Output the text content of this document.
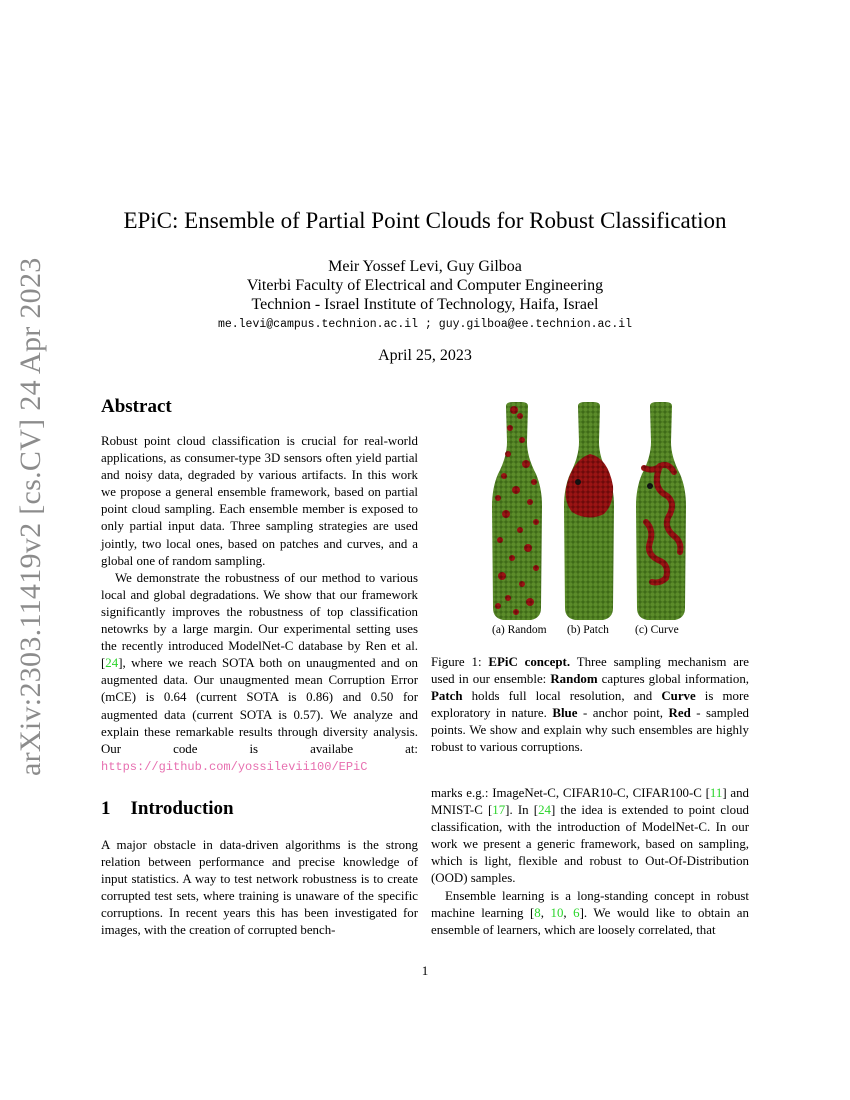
arXiv:2303.11419v2 [cs.CV] 24 Apr 2023
EPiC: Ensemble of Partial Point Clouds for Robust Classification
Meir Yossef Levi, Guy Gilboa
Viterbi Faculty of Electrical and Computer Engineering
Technion - Israel Institute of Technology, Haifa, Israel
me.levi@campus.technion.ac.il ; guy.gilboa@ee.technion.ac.il
April 25, 2023
Abstract

Robust point cloud classification is crucial for real-world applications, as consumer-type 3D sensors often yield partial and noisy data, degraded by various artifacts. In this work we propose a general ensemble framework, based on partial point cloud sampling. Each ensemble member is exposed to only partial input data. Three sampling strategies are used jointly, two local ones, based on patches and curves, and a global one of random sampling.

We demonstrate the robustness of our method to various local and global degradations. We show that our framework significantly improves the robustness of top classification netowrks by a large margin. Our experimental setting uses the recently introduced ModelNet-C database by Ren et al.[24], where we reach SOTA both on unaugmented and on augmented data. Our unaugmented mean Corruption Error (mCE) is 0.64 (current SOTA is 0.86) and 0.50 for augmented data (current SOTA is 0.57). We analyze and explain these remarkable results through diversity analysis. Our code is availabe at: https://github.com/yossilevii100/EPiC

(a) Random (b) Patch (c) Curve
Figure 1: EPiC concept. Three sampling mechanism are used in our ensemble: Random captures global information, Patch holds full local resolution, and Curve is more exploratory in nature. Blue - anchor point, Red - sampled points. We show and explain why such ensembles are highly robust to various corruptions.
1 Introduction

A major obstacle in data-driven algorithms is the strong relation between performance and precise knowledge of input statistics. A way to test network robustness is to create corrupted test sets, where training is unaware of the specific corruptions. In recent years this has been investigated for images, with the creation of corrupted bench-

marks e.g.: ImageNet-C, CIFAR10-C, CIFAR100-C [11] and MNIST-C [17]. In [24] the idea is extended to point cloud classification, with the introduction of ModelNet-C. In our work we present a generic framework, based on sampling, which is light, flexible and robust to Out-Of-Distribution (OOD) samples.

Ensemble learning is a long-standing concept in robust machine learning [8, 10, 6]. We would like to obtain an ensemble of learners, which are loosely correlated, that

1
